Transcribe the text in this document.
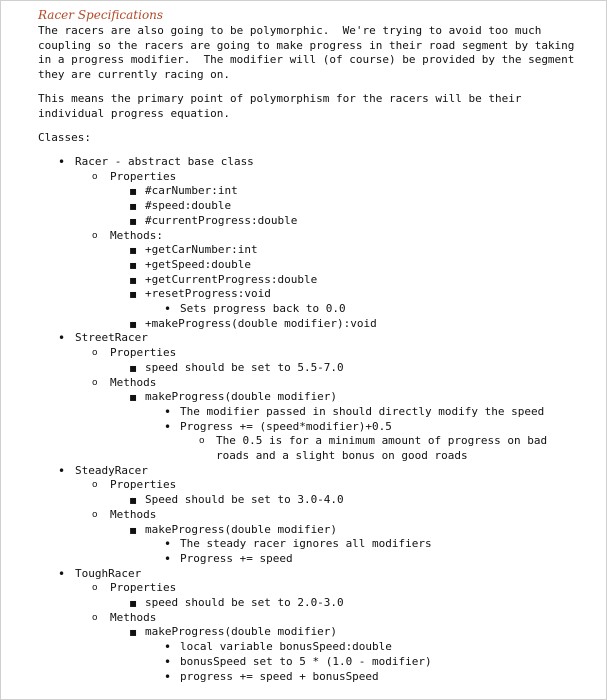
Racer Specifications

The racers are also going to be polymorphic.  We're trying to avoid too much coupling so the racers are going to make progress in their road segment by taking in a progress modifier.  The modifier will (of course) be provided by the segment they are currently racing on.

This means the primary point of polymorphism for the racers will be their individual progress equation.

Classes:
• Racer - abstract base class
o Properties
▪ #carNumber:int
▪ #speed:double
▪ #currentProgress:double
o Methods:
▪ +getCarNumber:int
▪ +getSpeed:double
▪ +getCurrentProgress:double
▪ +resetProgress:void
• Sets progress back to 0.0
▪ +makeProgress(double modifier):void
• StreetRacer
o Properties
▪ speed should be set to 5.5-7.0
o Methods
▪ makeProgress(double modifier)
• The modifier passed in should directly modify the speed
• Progress += (speed*modifier)+0.5
o The 0.5 is for a minimum amount of progress on bad roads and a slight bonus on good roads
• SteadyRacer
o Properties
▪ Speed should be set to 3.0-4.0
o Methods
▪ makeProgress(double modifier)
• The steady racer ignores all modifiers
• Progress += speed
• ToughRacer
o Properties
▪ speed should be set to 2.0-3.0
o Methods
▪ makeProgress(double modifier)
• local variable bonusSpeed:double
• bonusSpeed set to 5 * (1.0 - modifier)
• progress += speed + bonusSpeed
